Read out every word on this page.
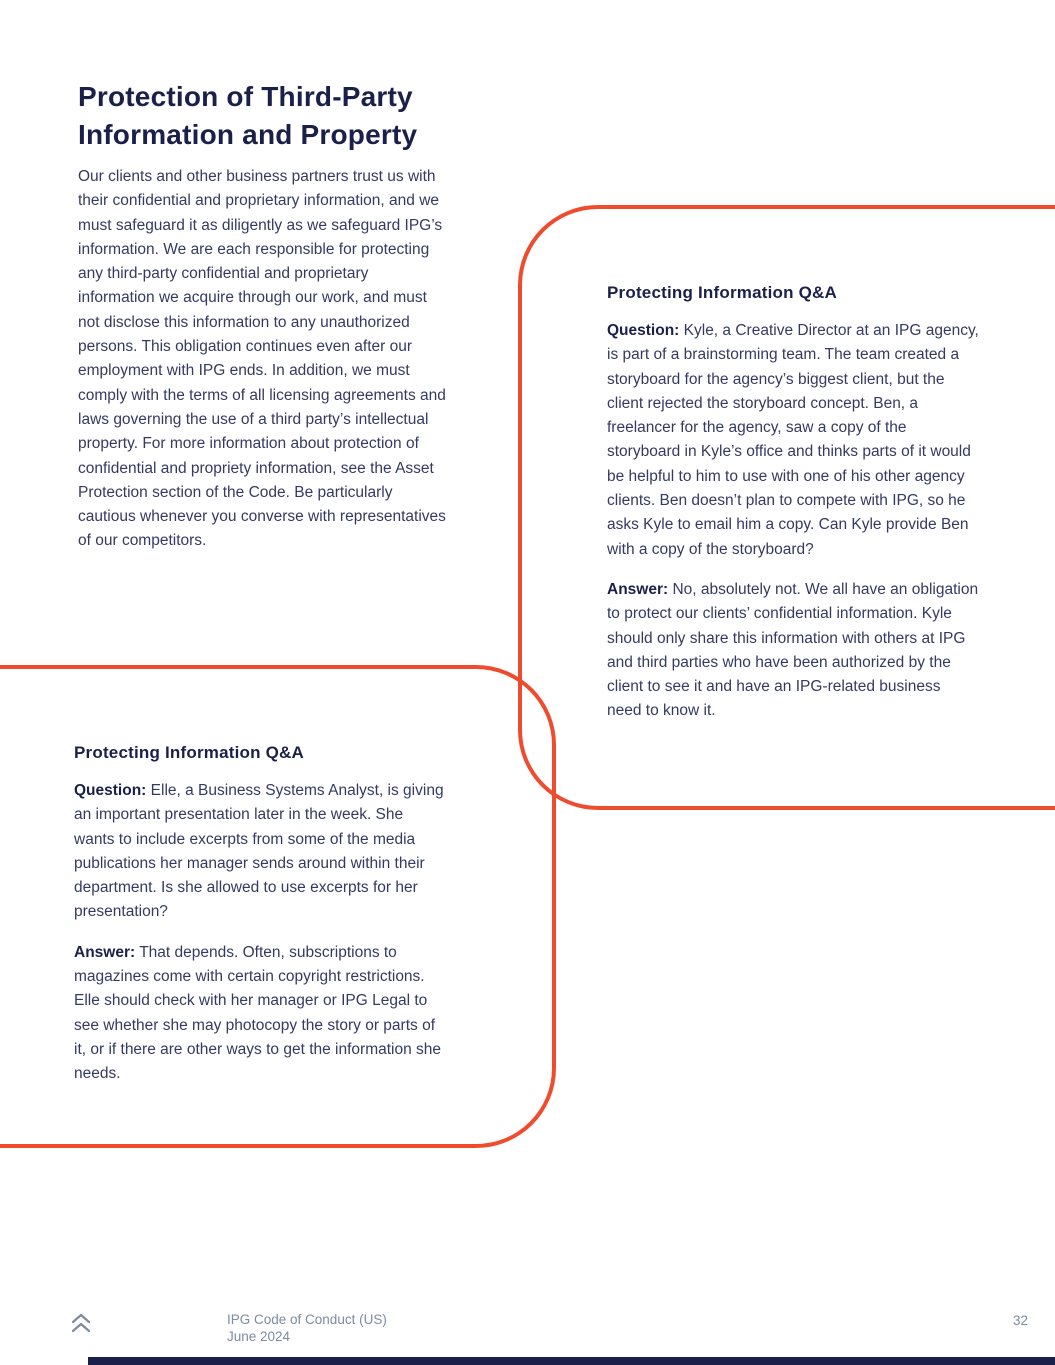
Protection of Third-Party
Information and Property
Our clients and other business partners trust us with their confidential and proprietary information, and we must safeguard it as diligently as we safeguard IPG’s information. We are each responsible for protecting any third-party confidential and proprietary information we acquire through our work, and must not disclose this information to any unauthorized persons. This obligation continues even after our employment with IPG ends. In addition, we must comply with the terms of all licensing agreements and laws governing the use of a third party’s intellectual property. For more information about protection of confidential and propriety information, see the Asset Protection section of the Code. Be particularly cautious whenever you converse with representatives of our competitors.
Protecting Information Q&A
Question: Kyle, a Creative Director at an IPG agency, is part of a brainstorming team. The team created a storyboard for the agency’s biggest client, but the client rejected the storyboard concept. Ben, a freelancer for the agency, saw a copy of the storyboard in Kyle’s office and thinks parts of it would be helpful to him to use with one of his other agency clients. Ben doesn’t plan to compete with IPG, so he asks Kyle to email him a copy. Can Kyle provide Ben with a copy of the storyboard?
Answer: No, absolutely not. We all have an obligation to protect our clients’ confidential information. Kyle should only share this information with others at IPG and third parties who have been authorized by the client to see it and have an IPG-related business need to know it.
Protecting Information Q&A
Question: Elle, a Business Systems Analyst, is giving an important presentation later in the week. She wants to include excerpts from some of the media publications her manager sends around within their department. Is she allowed to use excerpts for her presentation?
Answer: That depends. Often, subscriptions to magazines come with certain copyright restrictions. Elle should check with her manager or IPG Legal to see whether she may photocopy the story or parts of it, or if there are other ways to get the information she needs.
IPG Code of Conduct (US)
June 2024
32
